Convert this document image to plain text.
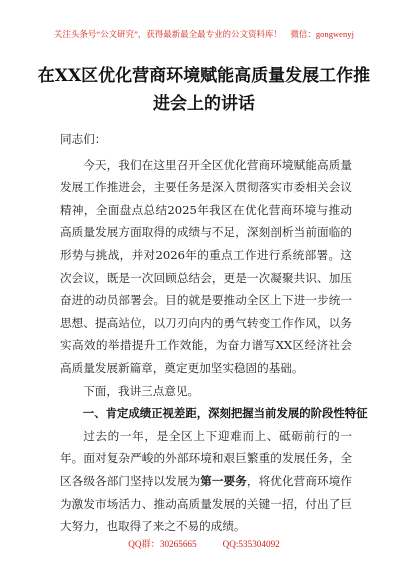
关注头条号“公文研究”，获得最新最全最专业的公文资料库！　微信：gongwenyj
在XX区优化营商环境赋能高质量发展工作推进会上的讲话

同志们：

今天，我们在这里召开全区优化营商环境赋能高质量发展工作推进会，主要任务是深入贯彻落实市委相关会议精神，全面盘点总结2025年我区在优化营商环境与推动高质量发展方面取得的成绩与不足，深刻剖析当前面临的形势与挑战，并对2026年的重点工作进行系统部署。这次会议，既是一次回顾总结会，更是一次凝聚共识、加压奋进的动员部署会。目的就是要推动全区上下进一步统一思想、提高站位，以刀刃向内的勇气转变工作作风，以务实高效的举措提升工作效能，为奋力谱写XX区经济社会高质量发展新篇章，奠定更加坚实稳固的基础。

下面，我讲三点意见。

一、肯定成绩正视差距，深刻把握当前发展的阶段性特征

过去的一年，是全区上下迎难而上、砥砺前行的一年。面对复杂严峻的外部环境和艰巨繁重的发展任务，全区各级各部门坚持以发展为第一要务，将优化营商环境作为激发市场活力、推动高质量发展的关键一招，付出了巨大努力，也取得了来之不易的成绩。

QQ群：30265665	QQ:535304092
